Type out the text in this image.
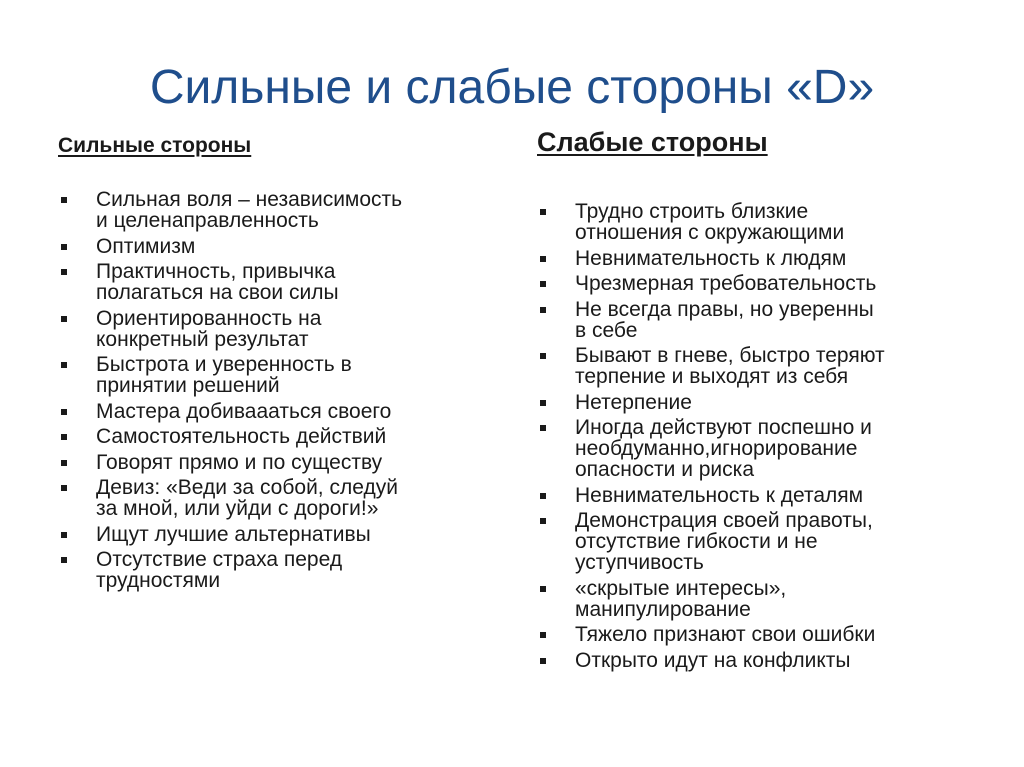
Сильные и слабые стороны «D»
Сильные стороны
Сильная воля – независимость
и целенаправленность
Оптимизм
Практичность, привычка
полагаться на свои силы
Ориентированность на
конкретный результат
Быстрота и уверенность в
принятии решений
Мастера добиваааться своего
Самостоятельность действий
Говорят прямо и по существу
Девиз: «Веди за собой, следуй
за мной, или уйди с дороги!»
Ищут лучшие альтернативы
Отсутствие страха перед
трудностями
Слабые стороны
Трудно строить близкие
отношения с окружающими
Невнимательность к людям
Чрезмерная требовательность
Не всегда правы, но уверенны
в себе
Бывают в гневе, быстро теряют
терпение и выходят из себя
Нетерпение
Иногда действуют поспешно и
необдуманно,игнорирование
опасности и риска
Невнимательность к деталям
Демонстрация своей правоты,
отсутствие гибкости и не
уступчивость
«скрытые интересы»,
манипулирование
Тяжело признают свои ошибки
Открыто идут на конфликты
